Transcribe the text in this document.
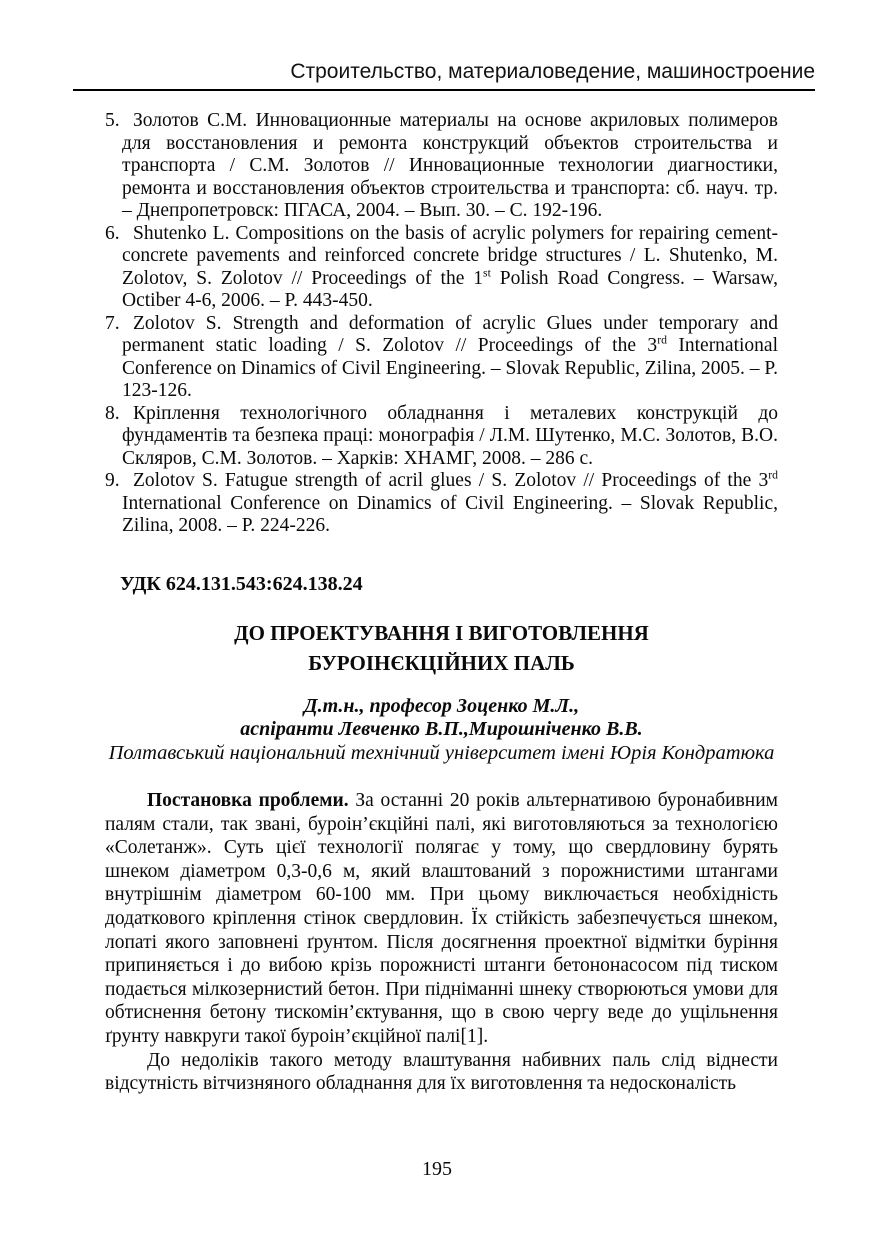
Строительство, материаловедение, машиностроение
5. Золотов С.М. Инновационные материалы на основе акриловых полимеров для восстановления и ремонта конструкций объектов строительства и транспорта / С.М. Золотов // Инновационные технологии диагностики, ремонта и восстановления объектов строительства и транспорта: сб. науч. тр. – Днепропетровск: ПГАСА, 2004. – Вып. 30. – С. 192-196.
6. Shutenko L. Compositions on the basis of acrylic polymers for repairing cement-concrete pavements and reinforced concrete bridge structures / L. Shutenko, M. Zolotov, S. Zolotov // Proceedings of the 1st Polish Road Congress. – Warsaw, Octiber 4-6, 2006. – P. 443-450.
7. Zolotov S. Strength and deformation of acrylic Glues under temporary and permanent static loading / S. Zolotov // Proceedings of the 3rd International Conference on Dinamics of Civil Engineering. – Slovak Republic, Zilina, 2005. – P. 123-126.
8. Кріплення технологічного обладнання і металевих конструкцій до фундаментів та безпека праці: монографія / Л.М. Шутенко, М.С. Золотов, В.О. Скляров, С.М. Золотов. – Харків: ХНАМГ, 2008. – 286 с.
9. Zolotov S. Fatugue strength of acril glues / S. Zolotov // Proceedings of the 3rd International Conference on Dinamics of Civil Engineering. – Slovak Republic, Zilina, 2008. – P. 224-226.
УДК 624.131.543:624.138.24
ДО ПРОЕКТУВАННЯ І ВИГОТОВЛЕННЯ
БУРОІНЄКЦІЙНИХ ПАЛЬ
Д.т.н., професор Зоценко М.Л.,
аспіранти Левченко В.П.,Мирошніченко В.В.
Полтавський національний технічний університет імені Юрія Кондратюка

Постановка проблеми. За останні 20 років альтернативою буронабивним палям стали, так звані, буроін’єкційні палі, які виготовляються за технологією «Солетанж». Суть цієї технології полягає у тому, що свердловину бурять шнеком діаметром 0,3-0,6 м, який влаштований з порожнистими штангами внутрішнім діаметром 60-100 мм. При цьому виключається необхідність додаткового кріплення стінок свердловин. Їх стійкість забезпечується шнеком, лопаті якого заповнені ґрунтом. Після досягнення проектної відмітки буріння припиняється і до вибою крізь порожнисті штанги бетононасосом під тиском подається мілкозернистий бетон. При підніманні шнеку створюються умови для обтиснення бетону тискомін’єктування, що в свою чергу веде до ущільнення ґрунту навкруги такої буроін’єкційної палі[1].

До недоліків такого методу влаштування набивних паль слід віднести відсутність вітчизняного обладнання для їх виготовлення та недосконалість

195
